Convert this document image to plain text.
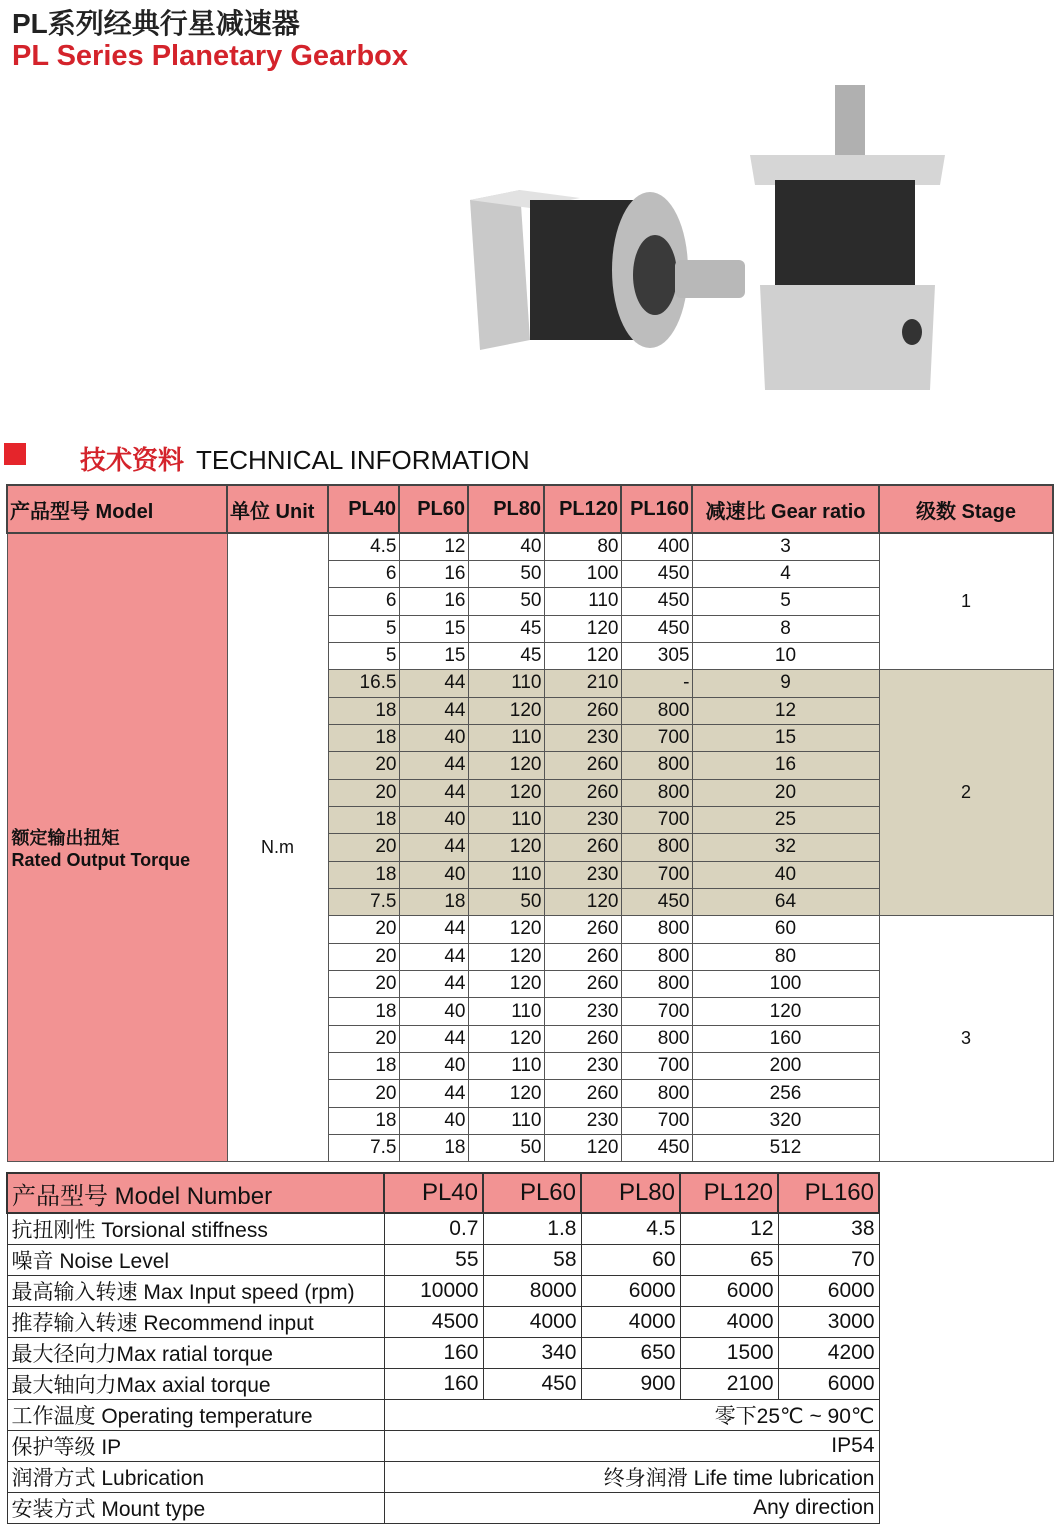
PL系列经典行星减速器
PL Series Planetary Gearbox
技术资料 TECHNICAL INFORMATION
产品型号 Model	单位 Unit	PL40	PL60	PL80	PL120	PL160	减速比 Gear ratio	级数 Stage

额定输出扭矩
Rated Output Torque	N.m	4.5	12	40	80	400	3	1
		6	16	50	100	450	4	
		6	16	50	110	450	5	
		5	15	45	120	450	8	
		5	15	45	120	305	10	
		16.5	44	110	210	-	9	2
		18	44	120	260	800	12	
		18	40	110	230	700	15	
		20	44	120	260	800	16	
		20	44	120	260	800	20	
		18	40	110	230	700	25	
		20	44	120	260	800	32	
		18	40	110	230	700	40	
		7.5	18	50	120	450	64	
		20	44	120	260	800	60	3
		20	44	120	260	800	80	
		20	44	120	260	800	100	
		18	40	110	230	700	120	
		20	44	120	260	800	160	
		18	40	110	230	700	200	
		20	44	120	260	800	256	
		18	40	110	230	700	320	
		7.5	18	50	120	450	512	
产品型号 Model Number	PL40	PL60	PL80	PL120	PL160
抗扭刚性 Torsional stiffness	0.7	1.8	4.5	12	38
噪音 Noise Level	55	58	60	65	70
最高输入转速 Max Input speed (rpm)	10000	8000	6000	6000	6000
推荐输入转速 Recommend input	4500	4000	4000	4000	3000
最大径向力Max ratial torque	160	340	650	1500	4200
最大轴向力Max axial torque	160	450	900	2100	6000
工作温度 Operating temperature	零下25℃ ~ 90℃				
保护等级 IP	IP54				
润滑方式 Lubrication	终身润滑 Life time lubrication				
安装方式 Mount type	Any direction				
